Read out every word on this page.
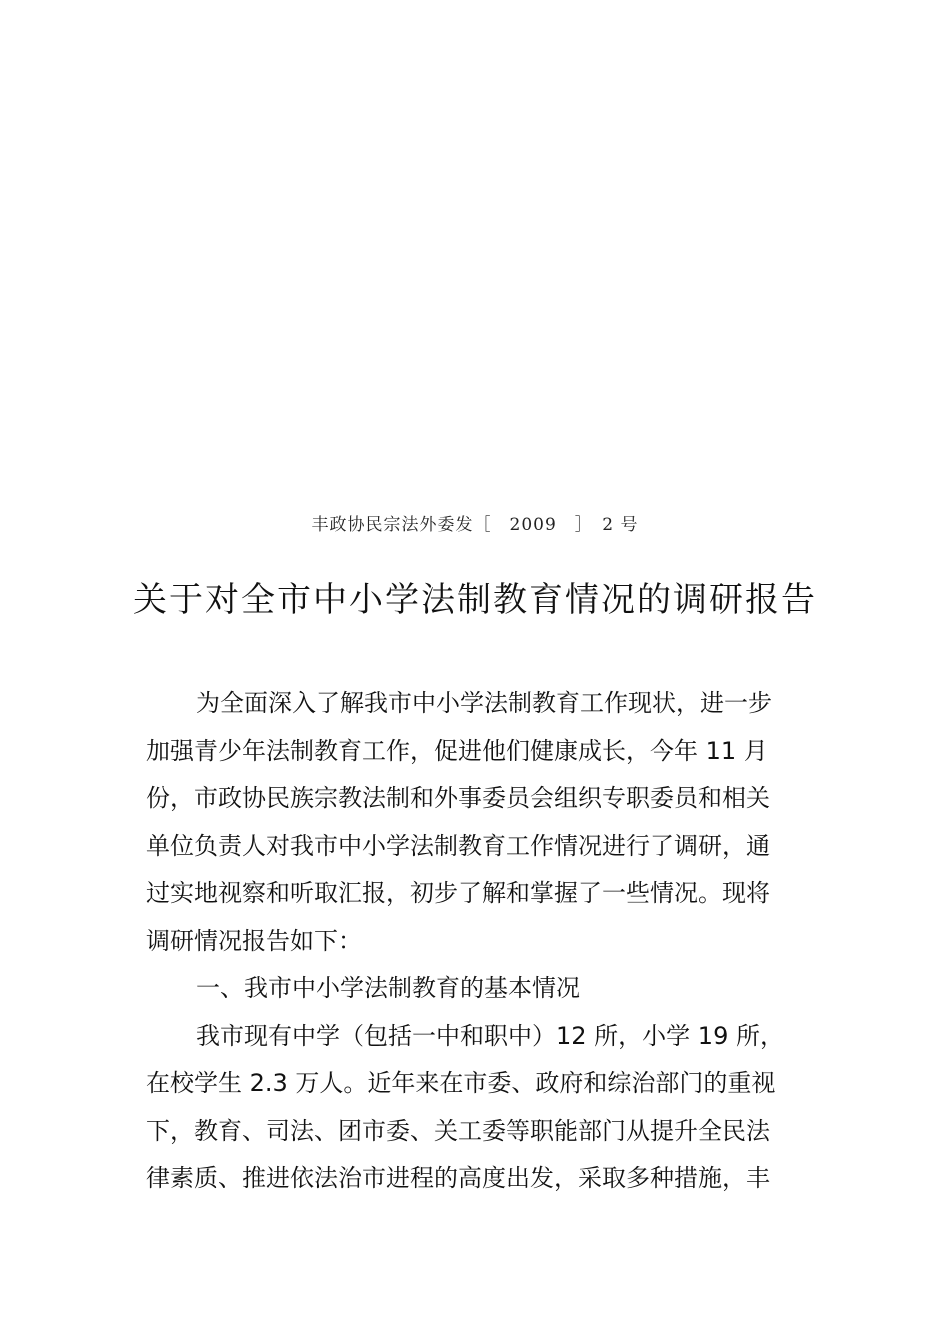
丰政协民宗法外委发［　2009　］　2 号
关于对全市中小学法制教育情况的调研报告
为全面深入了解我市中小学法制教育工作现状，进一步
加强青少年法制教育工作，促进他们健康成长，今年 11 月
份，市政协民族宗教法制和外事委员会组织专职委员和相关
单位负责人对我市中小学法制教育工作情况进行了调研，通
过实地视察和听取汇报，初步了解和掌握了一些情况。现将
调研情况报告如下：
一、我市中小学法制教育的基本情况
我市现有中学（包括一中和职中）12 所，小学 19 所，
在校学生 2.3 万人。近年来在市委、政府和综治部门的重视
下，教育、司法、团市委、关工委等职能部门从提升全民法
律素质、推进依法治市进程的高度出发，采取多种措施，丰
